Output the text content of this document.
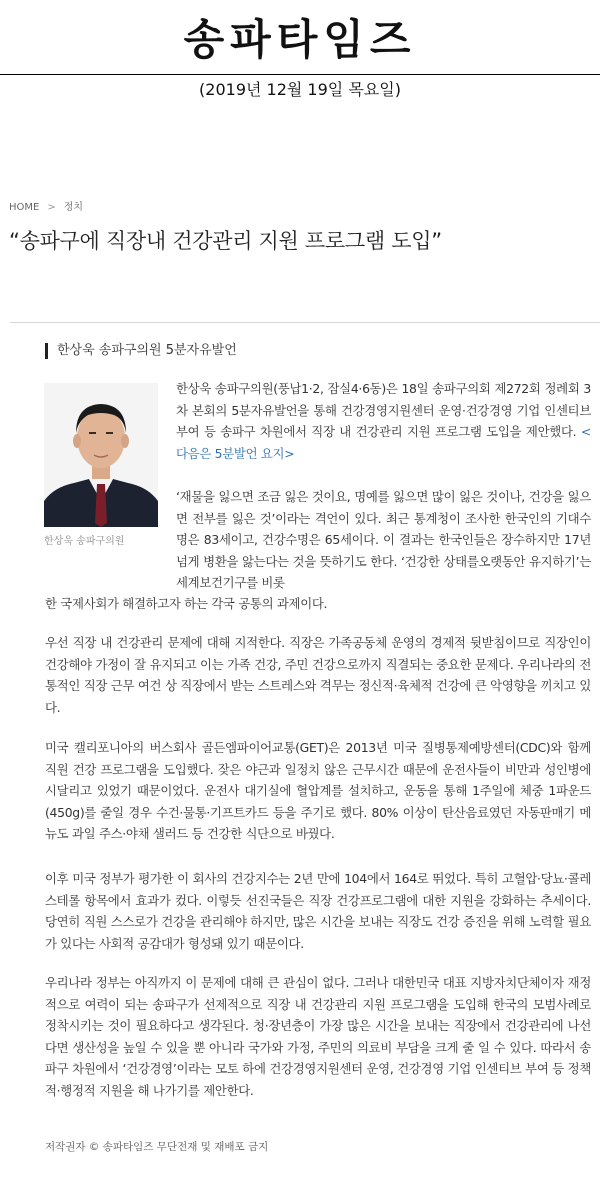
송파타임즈
(2019년 12월 19일 목요일)
HOME > 정치
“송파구에 직장내 건강관리 지원 프로그램 도입”
한상욱 송파구의원 5분자유발언
한상욱 송파구의원

한상욱 송파구의원(풍납1·2, 잠실4·6동)은 18일 송파구의회 제272회 정례회 3차 본회의 5분자유발언을 통해 건강경영지원센터 운영·건강경영 기업 인센티브 부여 등 송파구 차원에서 직장 내 건강관리 지원 프로그램 도입을 제안했다. <다음은 5분발언 요지>

‘재물을 잃으면 조금 잃은 것이요, 명예를 잃으면 많이 잃은 것이나, 건강을 잃으면 전부를 잃은 것’이라는 격언이 있다. 최근 통계청이 조사한 한국인의 기대수명은 83세이고, 건강수명은 65세이다. 이 결과는 한국인들은 장수하지만 17년 넘게 병환을 앓는다는 것을 뜻하기도 한다. ‘건강한 상태를오랫동안 유지하기’는 세계보건기구를 비롯

한 국제사회가 해결하고자 하는 각국 공통의 과제이다.

우선 직장 내 건강관리 문제에 대해 지적한다. 직장은 가족공동체 운영의 경제적 뒷받침이므로 직장인이 건강해야 가정이 잘 유지되고 이는 가족 건강, 주민 건강으로까지 직결되는 중요한 문제다. 우리나라의 전통적인 직장 근무 여건 상 직장에서 받는 스트레스와 격무는 정신적·육체적 건강에 큰 악영향을 끼치고 있다.

미국 캘리포니아의 버스회사 골든엠파이어교통(GET)은 2013년 미국 질병통제예방센터(CDC)와 함께 직원 건강 프로그램을 도입했다. 잦은 야근과 일정치 않은 근무시간 때문에 운전사들이 비만과 성인병에 시달리고 있었기 때문이었다. 운전사 대기실에 혈압계를 설치하고, 운동을 통해 1주일에 체중 1파운드(450g)를 줄일 경우 수건·물통·기프트카드 등을 주기로 했다. 80% 이상이 탄산음료였던 자동판매기 메뉴도 과일 주스·야채 샐러드 등 건강한 식단으로 바꿨다.

이후 미국 정부가 평가한 이 회사의 건강지수는 2년 만에 104에서 164로 뛰었다. 특히 고혈압·당뇨·콜레스테롤 항목에서 효과가 컸다. 이렇듯 선진국들은 직장 건강프로그램에 대한 지원을 강화하는 추세이다. 당연히 직원 스스로가 건강을 관리해야 하지만, 많은 시간을 보내는 직장도 건강 증진을 위해 노력할 필요가 있다는 사회적 공감대가 형성돼 있기 때문이다.

우리나라 정부는 아직까지 이 문제에 대해 큰 관심이 없다. 그러나 대한민국 대표 지방자치단체이자 재정적으로 여력이 되는 송파구가 선제적으로 직장 내 건강관리 지원 프로그램을 도입해 한국의 모범사례로 정착시키는 것이 필요하다고 생각된다. 청·장년층이 가장 많은 시간을 보내는 직장에서 건강관리에 나선다면 생산성을 높일 수 있을 뿐 아니라 국가와 가정, 주민의 의료비 부담을 크게 줄 일 수 있다. 따라서 송파구 차원에서 ‘건강경영’이라는 모토 하에 건강경영지원센터 운영, 건강경영 기업 인센티브 부여 등 정책적·행정적 지원을 해 나가기를 제안한다.

저작권자 © 송파타임즈 무단전재 및 재배포 금지
